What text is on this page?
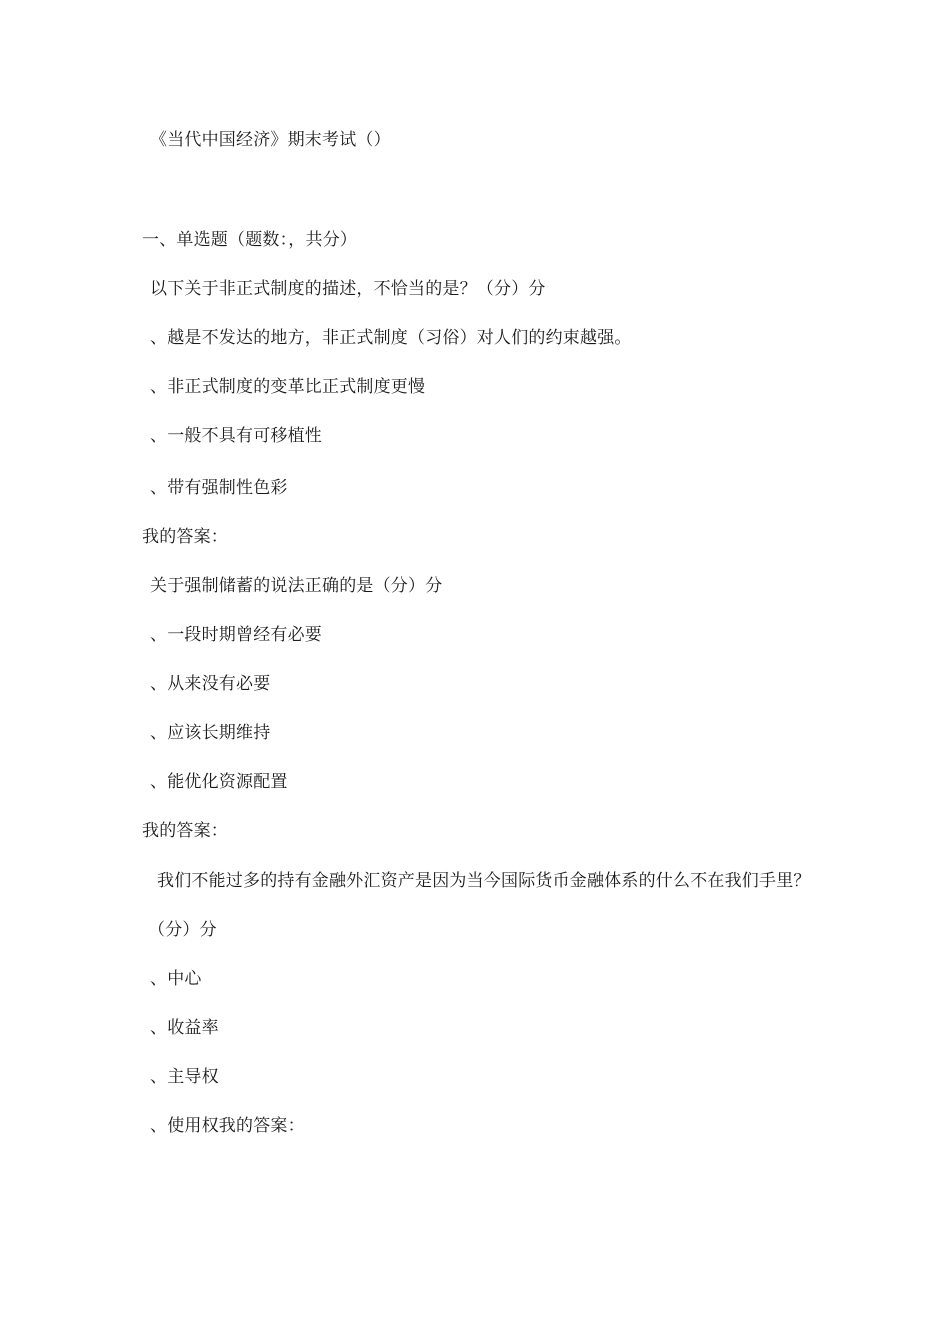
《当代中国经济》期末考试（）
一、单选题（题数：，共分）
以下关于非正式制度的描述，不恰当的是？（分）分
、越是不发达的地方，非正式制度（习俗）对人们的约束越强。
、非正式制度的变革比正式制度更慢
、一般不具有可移植性
、带有强制性色彩
我的答案：
关于强制储蓄的说法正确的是（分）分
、一段时期曾经有必要
、从来没有必要
、应该长期维持
、能优化资源配置
我的答案：
我们不能过多的持有金融外汇资产是因为当今国际货币金融体系的什么不在我们手里？
（分）分
、中心
、收益率
、主导权
、使用权我的答案：
